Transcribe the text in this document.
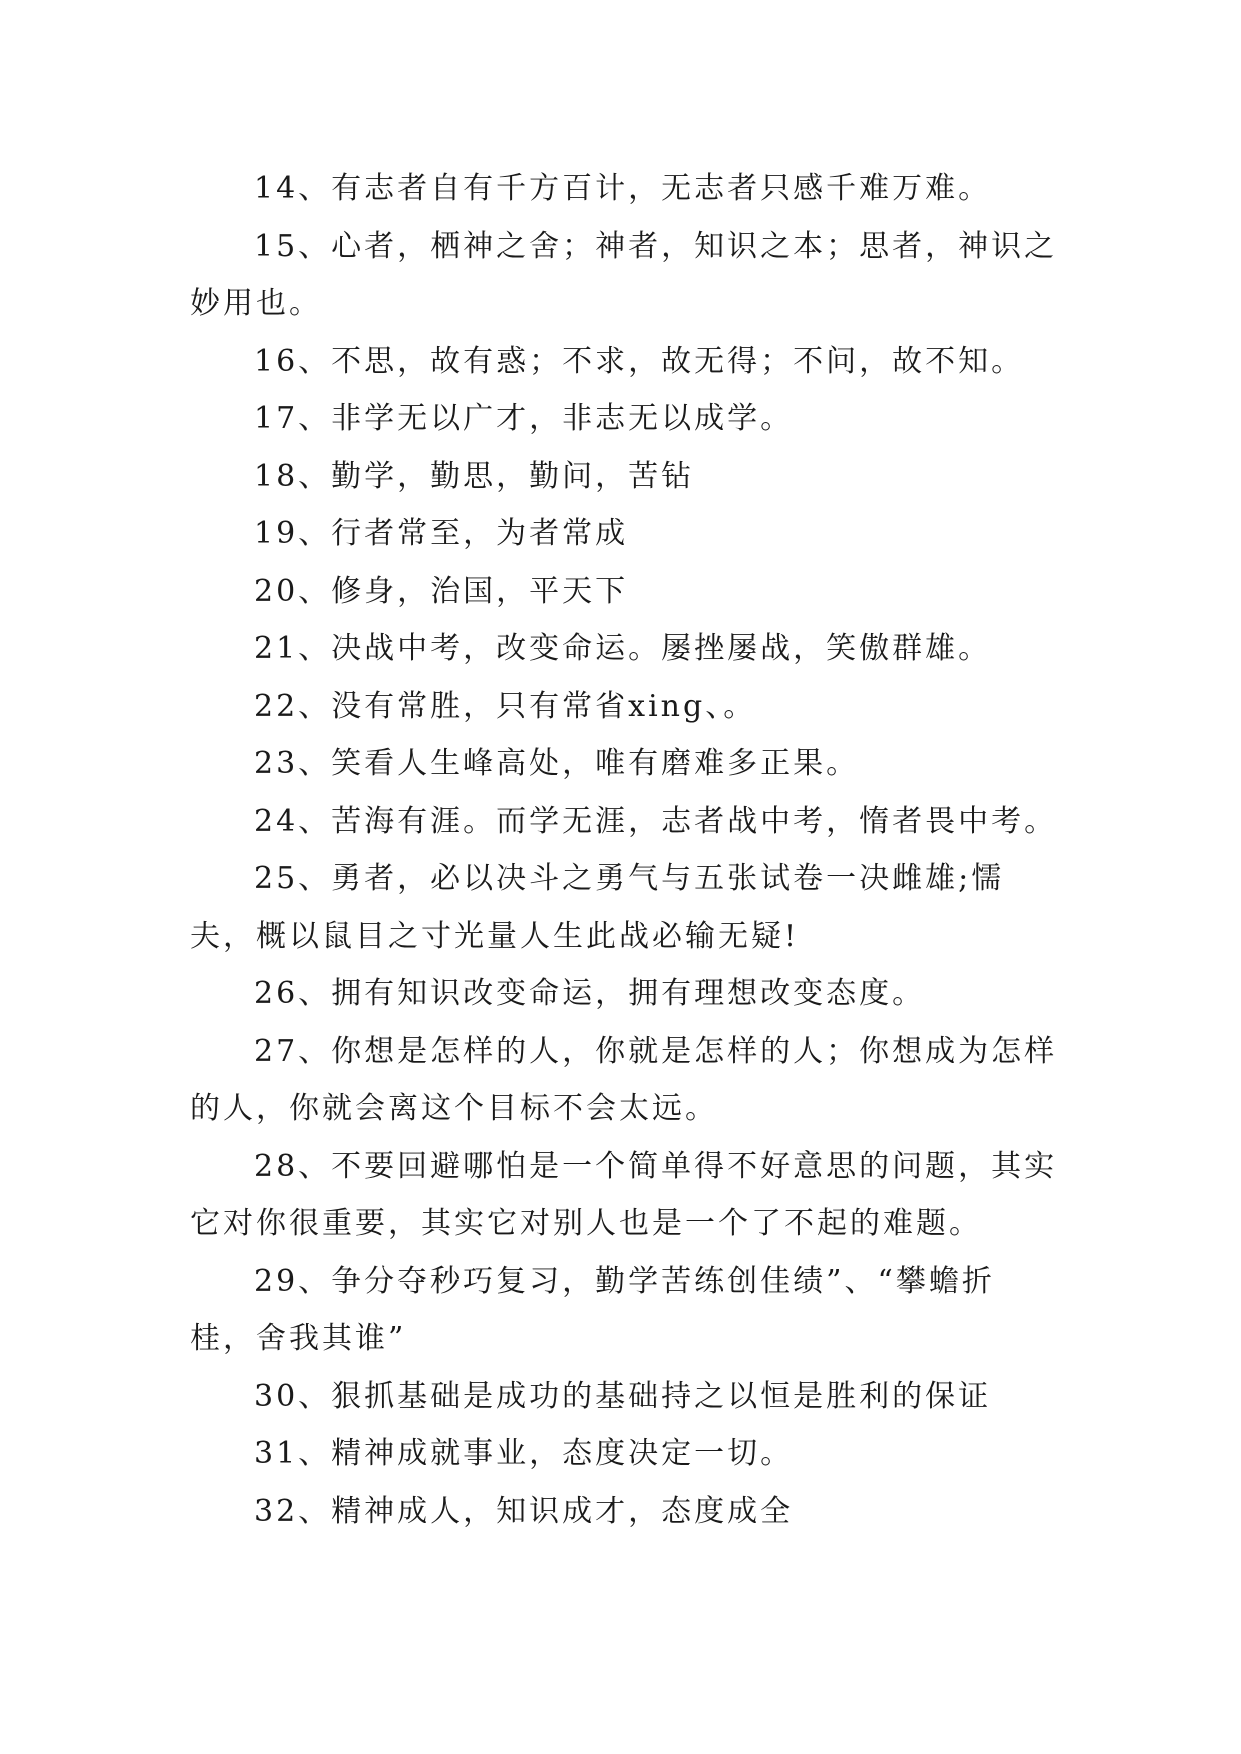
14、有志者自有千方百计，无志者只感千难万难。

15、心者，栖神之舍；神者，知识之本；思者，神识之妙用也。

16、不思，故有惑；不求，故无得；不问，故不知。

17、非学无以广才，非志无以成学。

18、勤学，勤思，勤问，苦钻

19、行者常至，为者常成

20、修身，治国，平天下

21、决战中考，改变命运。屡挫屡战，笑傲群雄。

22、没有常胜，只有常省xing、。

23、笑看人生峰高处，唯有磨难多正果。

24、苦海有涯。而学无涯，志者战中考，惰者畏中考。

25、勇者，必以决斗之勇气与五张试卷一决雌雄;懦夫，概以鼠目之寸光量人生此战必输无疑!

26、拥有知识改变命运，拥有理想改变态度。

27、你想是怎样的人，你就是怎样的人；你想成为怎样的人，你就会离这个目标不会太远。

28、不要回避哪怕是一个简单得不好意思的问题，其实它对你很重要，其实它对别人也是一个了不起的难题。

29、争分夺秒巧复习，勤学苦练创佳绩”、“攀蟾折桂，舍我其谁”

30、狠抓基础是成功的基础持之以恒是胜利的保证

31、精神成就事业，态度决定一切。

32、精神成人，知识成才，态度成全
